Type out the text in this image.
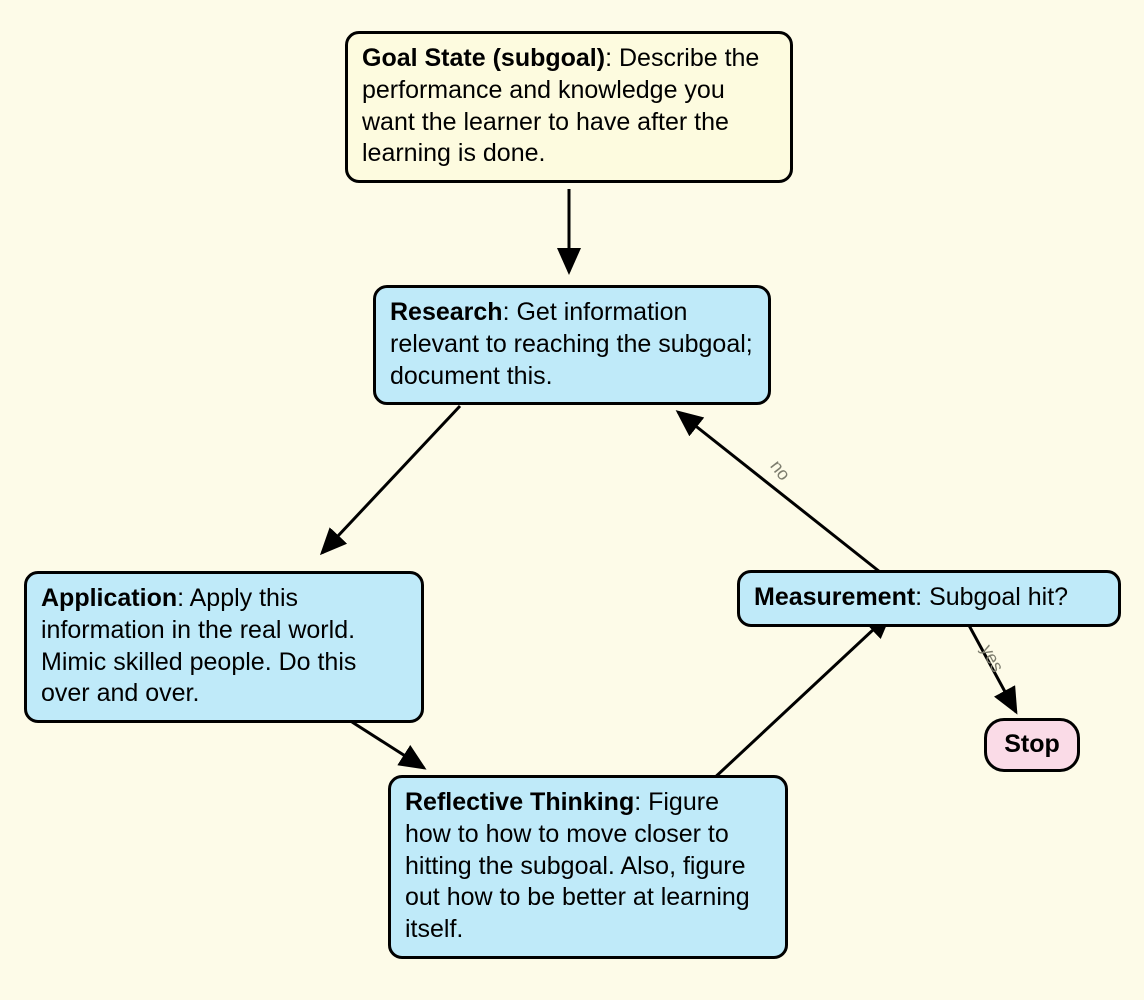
Goal State (subgoal): Describe the performance and knowledge you want the learner to have after the learning is done.
Research: Get information relevant to reaching the subgoal; document this.
Application: Apply this information in the real world. Mimic skilled people. Do this over and over.
Reflective Thinking: Figure how to how to move closer to hitting the subgoal. Also, figure out how to be better at learning itself.
Measurement: Subgoal hit?
Stop
no
yes
